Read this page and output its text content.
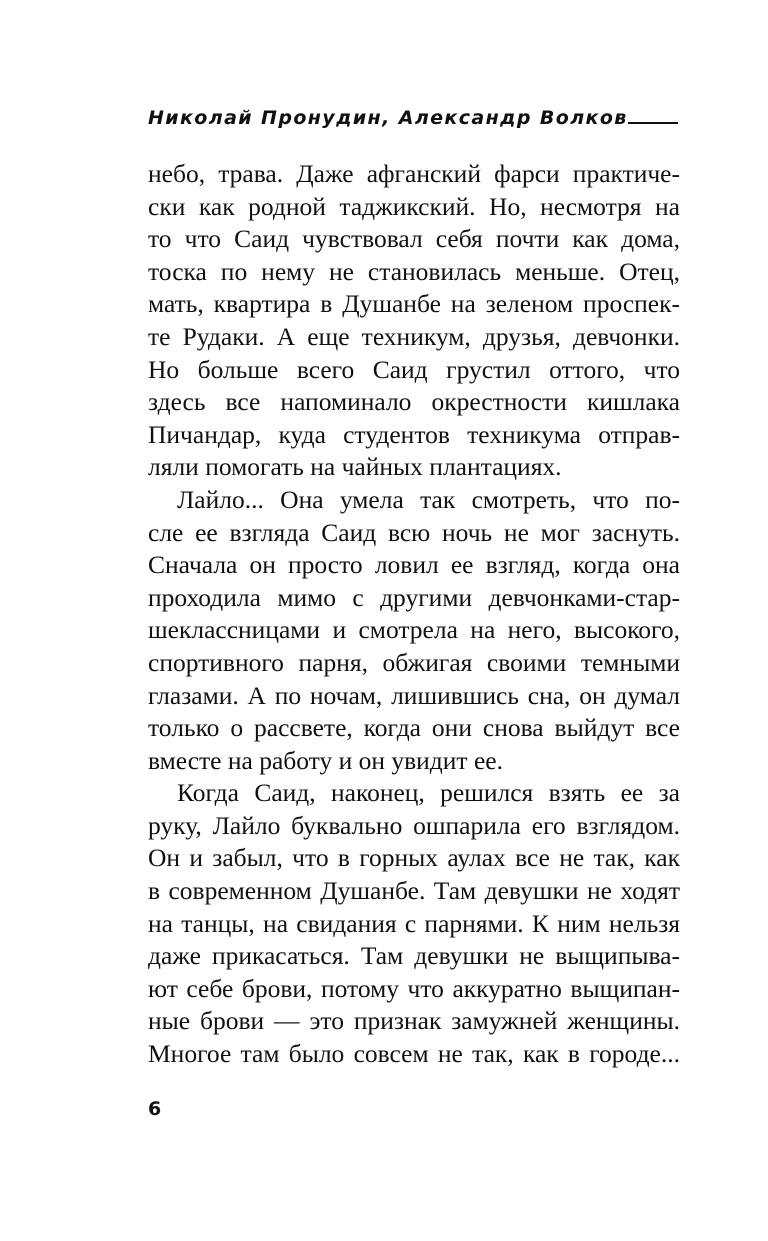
Николай Пронудин, Александр Волков
небо, трава. Даже афганский фарси практиче-
ски как родной таджикский. Но, несмотря на
то что Саид чувствовал себя почти как дома,
тоска по нему не становилась меньше. Отец,
мать, квартира в Душанбе на зеленом проспек-
те Рудаки. А еще техникум, друзья, девчонки.
Но больше всего Саид грустил оттого, что
здесь все напоминало окрестности кишлака
Пичандар, куда студентов техникума отправ-
ляли помогать на чайных плантациях.
Лайло... Она умела так смотреть, что по-
сле ее взгляда Саид всю ночь не мог заснуть.
Сначала он просто ловил ее взгляд, когда она
проходила мимо с другими девчонками-стар-
шеклассницами и смотрела на него, высокого,
спортивного парня, обжигая своими темными
глазами. А по ночам, лишившись сна, он думал
только о рассвете, когда они снова выйдут все
вместе на работу и он увидит ее.
Когда Саид, наконец, решился взять ее за
руку, Лайло буквально ошпарила его взглядом.
Он и забыл, что в горных аулах все не так, как
в современном Душанбе. Там девушки не ходят
на танцы, на свидания с парнями. К ним нельзя
даже прикасаться. Там девушки не выщипыва-
ют себе брови, потому что аккуратно выщипан-
ные брови — это признак замужней женщины.
Многое там было совсем не так, как в городе...
6
